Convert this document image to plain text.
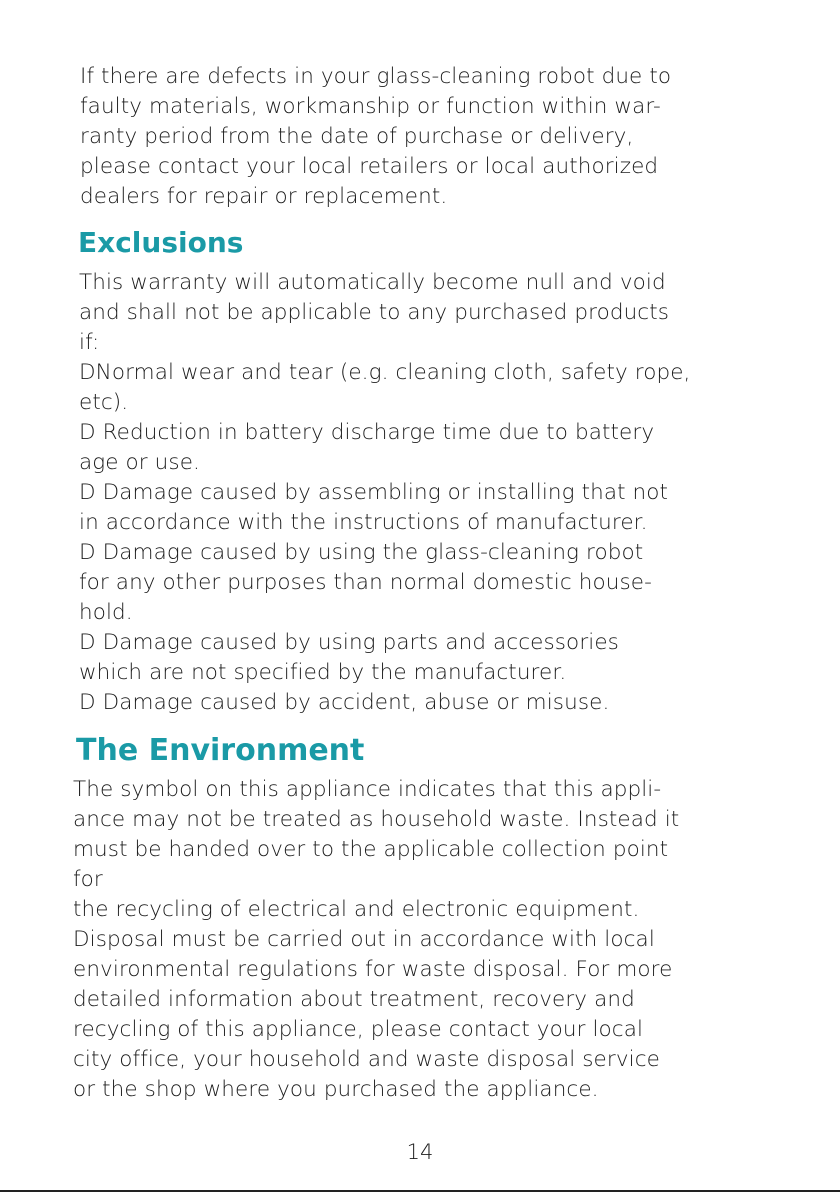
If there are defects in your glass-cleaning robot due to

faulty materials, workmanship or function within war-

ranty period from the date of purchase or delivery,

please contact your local retailers or local authorized

dealers for repair or replacement.

Exclusions

This warranty will automatically become null and void

and shall not be applicable to any purchased products

if:

DNormal wear and tear (e.g. cleaning cloth, safety rope,

etc).

D Reduction in battery discharge time due to battery

age or use.

D Damage caused by assembling or installing that not

in accordance with the instructions of manufacturer.

D Damage caused by using the glass-cleaning robot

for any other purposes than normal domestic house-

hold.

D Damage caused by using parts and accessories

which are not specified by the manufacturer.

D Damage caused by accident, abuse or misuse.

The Environment

The symbol on this appliance indicates that this appli-

ance may not be treated as household waste. Instead it

must be handed over to the applicable collection point

for

the recycling of electrical and electronic equipment.

Disposal must be carried out in accordance with local

environmental regulations for waste disposal. For more

detailed information about treatment, recovery and

recycling of this appliance, please contact your local

city office, your household and waste disposal service

or the shop where you purchased the appliance.

14
